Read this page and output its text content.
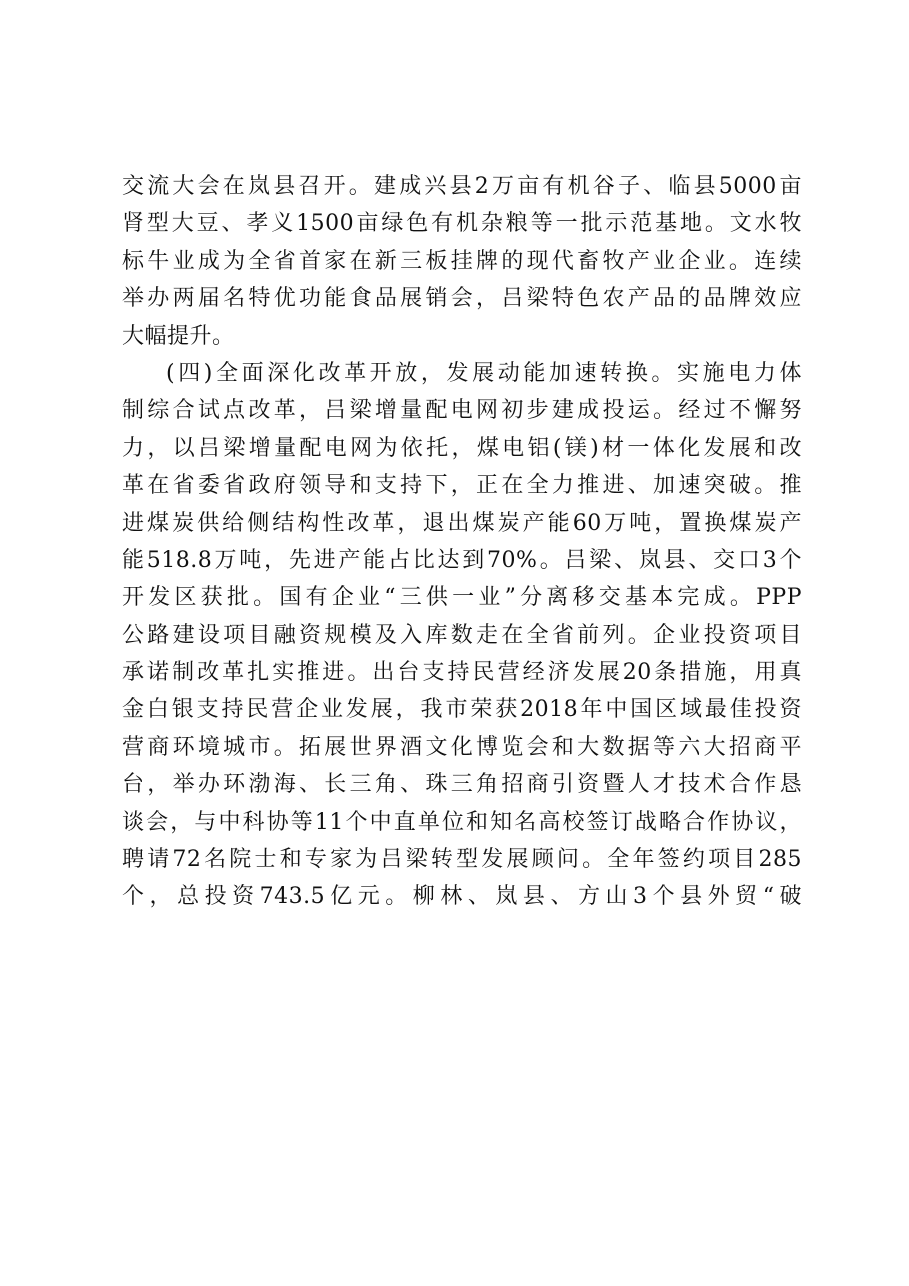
交流大会在岚县召开。建成兴县2万亩有机谷子、临县5000亩
肾型大豆、孝义1500亩绿色有机杂粮等一批示范基地。文水牧
标牛业成为全省首家在新三板挂牌的现代畜牧产业企业。连续
举办两届名特优功能食品展销会，吕梁特色农产品的品牌效应
大幅提升。
(四)全面深化改革开放，发展动能加速转换。实施电力体
制综合试点改革，吕梁增量配电网初步建成投运。经过不懈努
力，以吕梁增量配电网为依托，煤电铝(镁)材一体化发展和改
革在省委省政府领导和支持下，正在全力推进、加速突破。推
进煤炭供给侧结构性改革，退出煤炭产能60万吨，置换煤炭产
能518.8万吨，先进产能占比达到70%。吕梁、岚县、交口3个
开发区获批。国有企业“三供一业”分离移交基本完成。PPP
公路建设项目融资规模及入库数走在全省前列。企业投资项目
承诺制改革扎实推进。出台支持民营经济发展20条措施，用真
金白银支持民营企业发展，我市荣获2018年中国区域最佳投资
营商环境城市。拓展世界酒文化博览会和大数据等六大招商平
台，举办环渤海、长三角、珠三角招商引资暨人才技术合作恳
谈会，与中科协等11个中直单位和知名高校签订战略合作协议，
聘请72名院士和专家为吕梁转型发展顾问。全年签约项目285
个，总投资743.5亿元。柳林、岚县、方山3个县外贸“破
